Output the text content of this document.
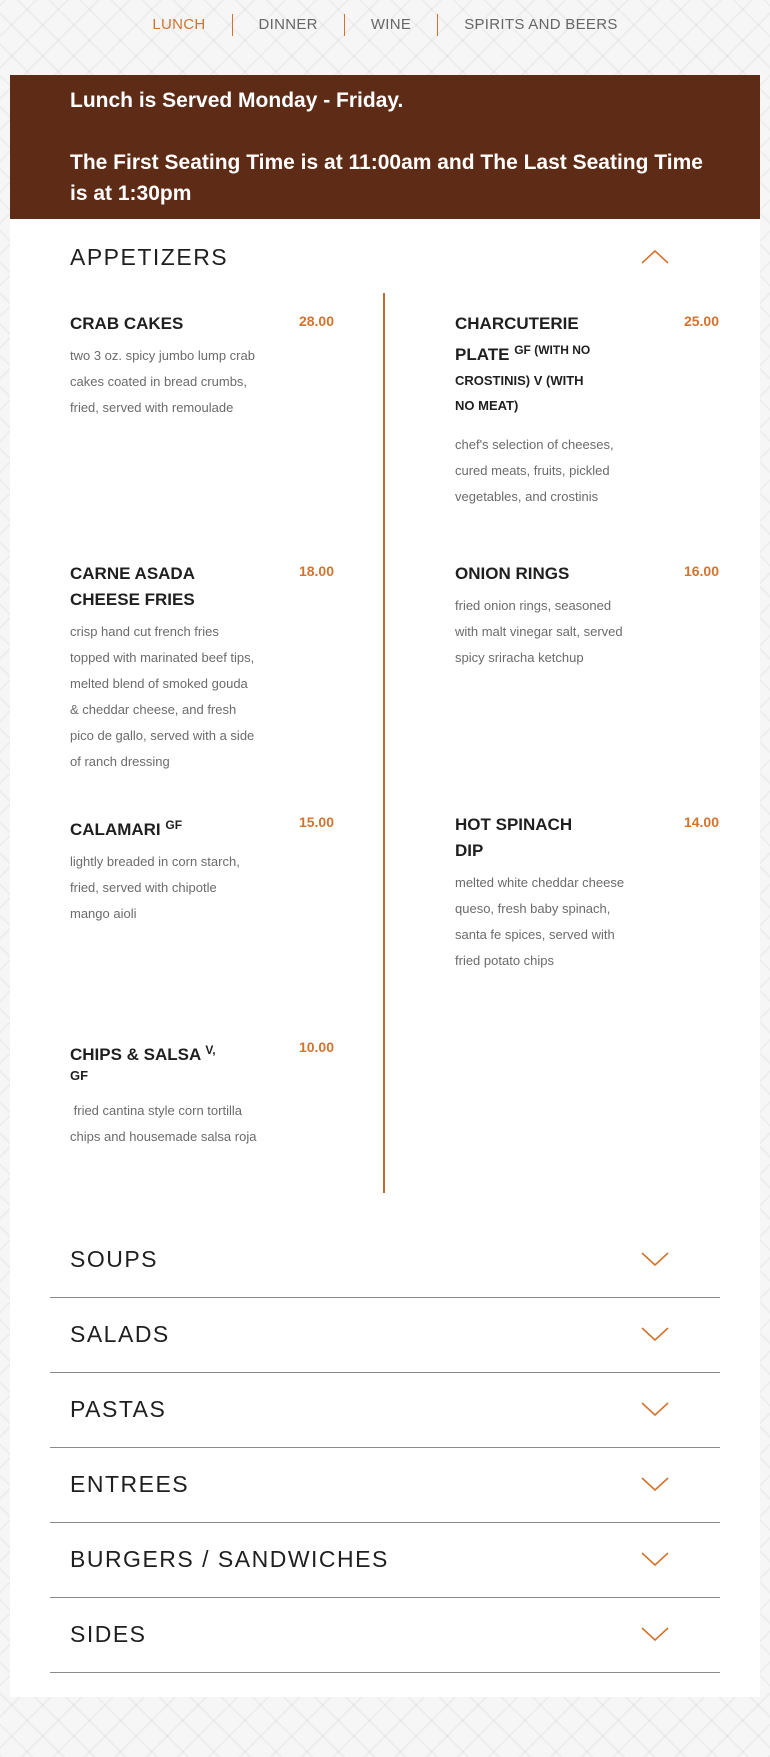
LUNCH	DINNER	WINE	SPIRITS AND BEERS

Lunch is Served Monday - Friday.

The First Seating Time is at 11:00am and The Last Seating Time is at 1:30pm

APPETIZERS
CRAB CAKES	28.00

two 3 oz. spicy jumbo lump crab cakes coated in bread crumbs, fried, served with remoulade

CHARCUTERIE PLATE $^{GF (WITH NO}$
CROSTINIS) V (WITH NO MEAT)
25.00

chef's selection of cheeses, cured meats, fruits, pickled vegetables, and crostinis

CARNE ASADA CHEESE FRIES
18.00

crisp hand cut french fries topped with marinated beef tips, melted blend of smoked gouda & cheddar cheese, and fresh pico de gallo, served with a side of ranch dressing

ONION RINGS	16.00

fried onion rings, seasoned with malt vinegar salt, served spicy sriracha ketchup

CALAMARI $^{GF}$	15.00

lightly breaded in corn starch, fried, served with chipotle mango aioli

HOT SPINACH DIP
14.00

melted white cheddar cheese queso, fresh baby spinach, santa fe spices, served with fried potato chips

CHIPS & SALSA $^{V,}$
GF
10.00

fried cantina style corn tortilla chips and housemade salsa roja

SOUPS
SALADS
PASTAS
ENTREES
BURGERS / SANDWICHES
SIDES
